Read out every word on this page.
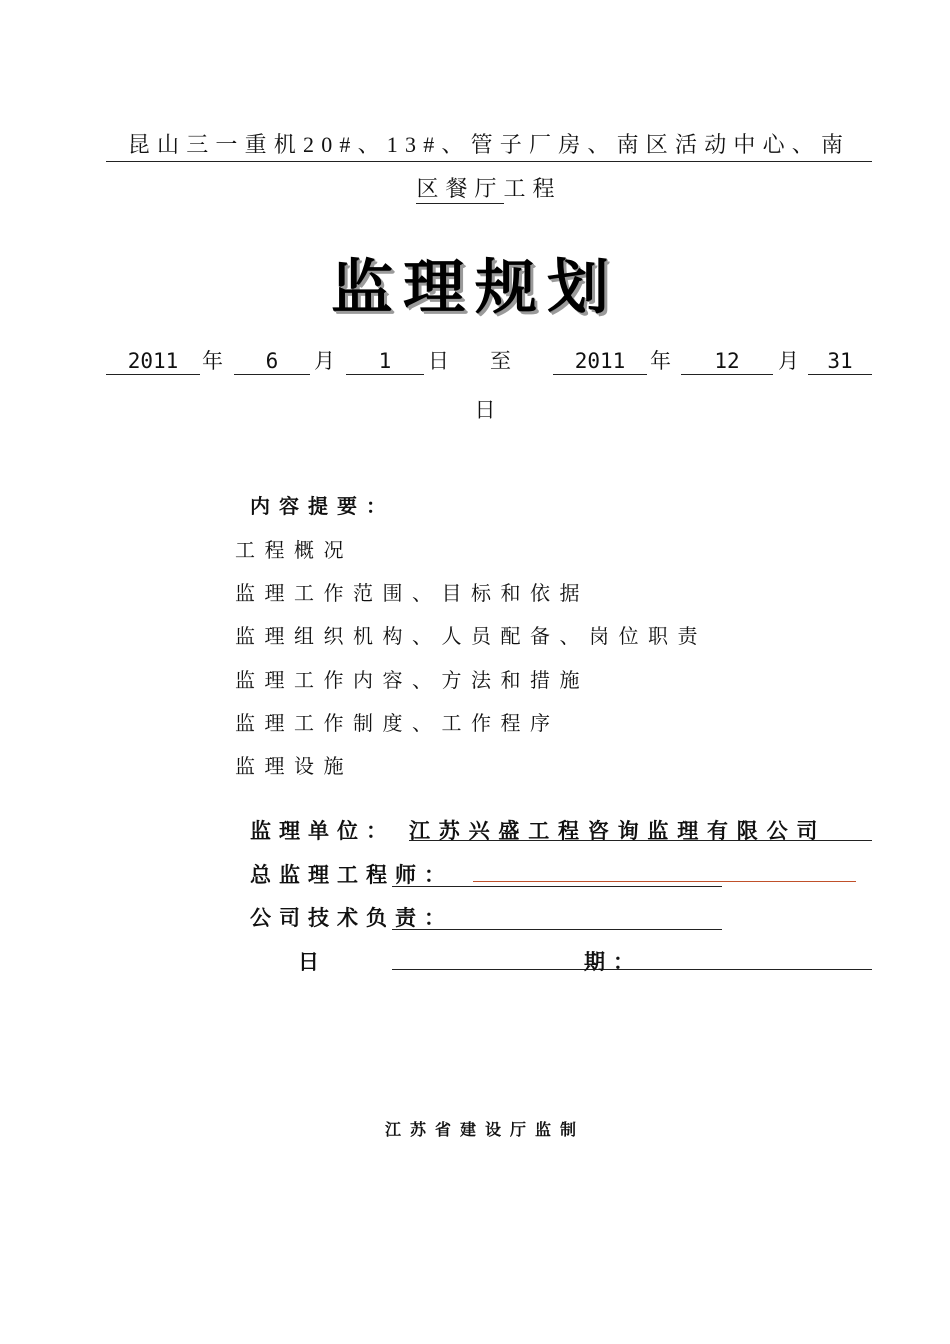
昆山三一重机20#、13#、管子厂房、南区活动中心、南
区餐厅工程
监理规划
2011	年	6	月	1	日 至	2011	年	12	月	31
日
内容提要：
工程概况
监理工作范围、目标和依据
监理组织机构、人员配备、岗位职责
监理工作内容、方法和措施
监理工作制度、工作程序
监理设施
监理单位： 江苏兴盛工程咨询监理有限公司
总监理工程师：
公司技术负责：
日	期：
江苏省建设厅监制
